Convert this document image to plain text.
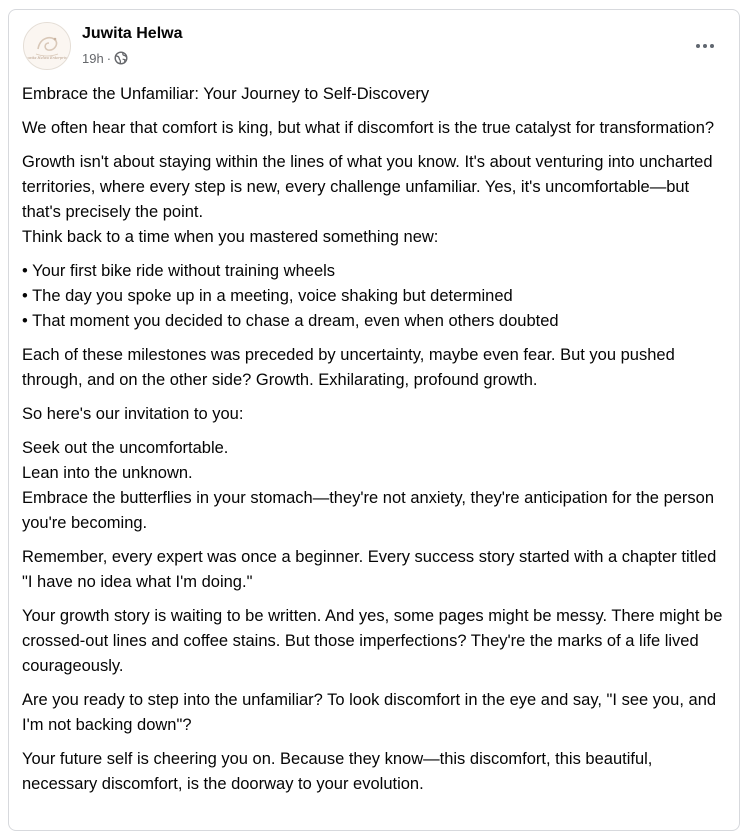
Juwita Helwa Enterprise
Juwita Helwa
19h ·

Embrace the Unfamiliar: Your Journey to Self-Discovery

We often hear that comfort is king, but what if discomfort is the true catalyst for transformation?

Growth isn't about staying within the lines of what you know. It's about venturing into uncharted territories, where every step is new, every challenge unfamiliar. Yes, it's uncomfortable—but that's precisely the point.
Think back to a time when you mastered something new:

• Your first bike ride without training wheels
• The day you spoke up in a meeting, voice shaking but determined
• That moment you decided to chase a dream, even when others doubted

Each of these milestones was preceded by uncertainty, maybe even fear. But you pushed through, and on the other side? Growth. Exhilarating, profound growth.

So here's our invitation to you:

Seek out the uncomfortable.
Lean into the unknown.
Embrace the butterflies in your stomach—they're not anxiety, they're anticipation for the person you're becoming.

Remember, every expert was once a beginner. Every success story started with a chapter titled "I have no idea what I'm doing."

Your growth story is waiting to be written. And yes, some pages might be messy. There might be crossed-out lines and coffee stains. But those imperfections? They're the marks of a life lived courageously.

Are you ready to step into the unfamiliar? To look discomfort in the eye and say, "I see you, and I'm not backing down"?

Your future self is cheering you on. Because they know—this discomfort, this beautiful, necessary discomfort, is the doorway to your evolution.
